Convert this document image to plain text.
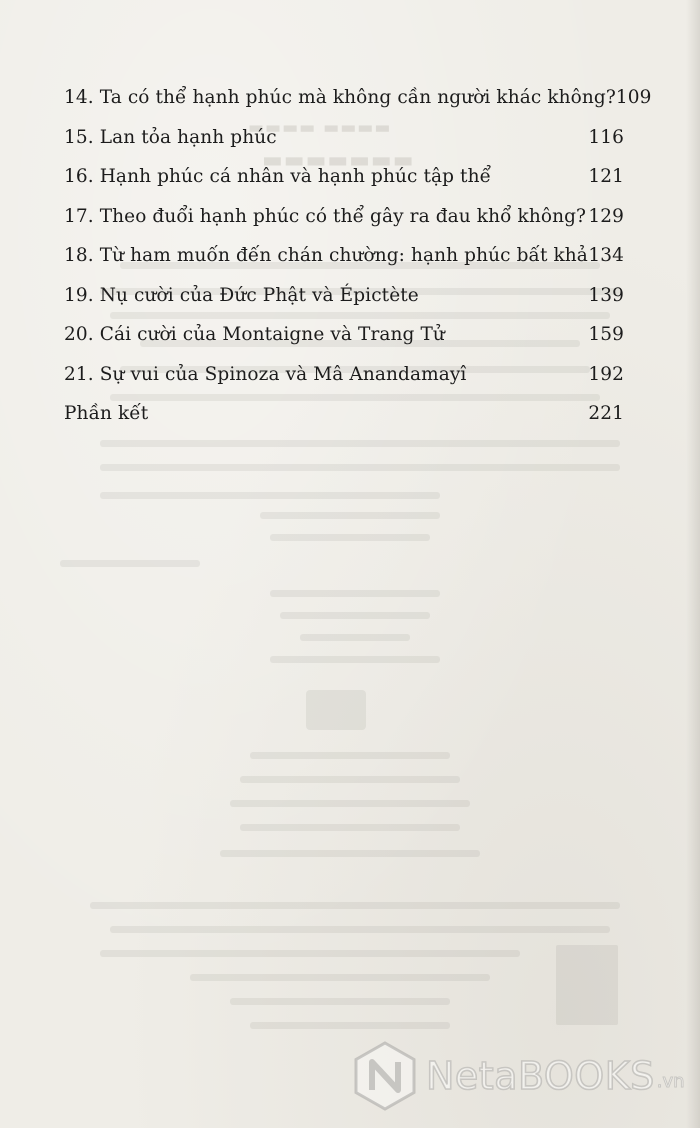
▬▬▬▬ ▬▬▬▬
▬▬▬▬▬▬▬
14. Ta có thể hạnh phúc mà không cần người khác không? 109
15. Lan tỏa hạnh phúc	116
16. Hạnh phúc cá nhân và hạnh phúc tập thể	121
17. Theo đuổi hạnh phúc có thể gây ra đau khổ không? 129
18. Từ ham muốn đến chán chường: hạnh phúc bất khả 134
19. Nụ cười của Đức Phật và Épictète	139
20. Cái cười của Montaigne và Trang Tử	159
21. Sự vui của Spinoza và Mâ Anandamayî	192
Phần kết	221
NetaBOOKS .vn
